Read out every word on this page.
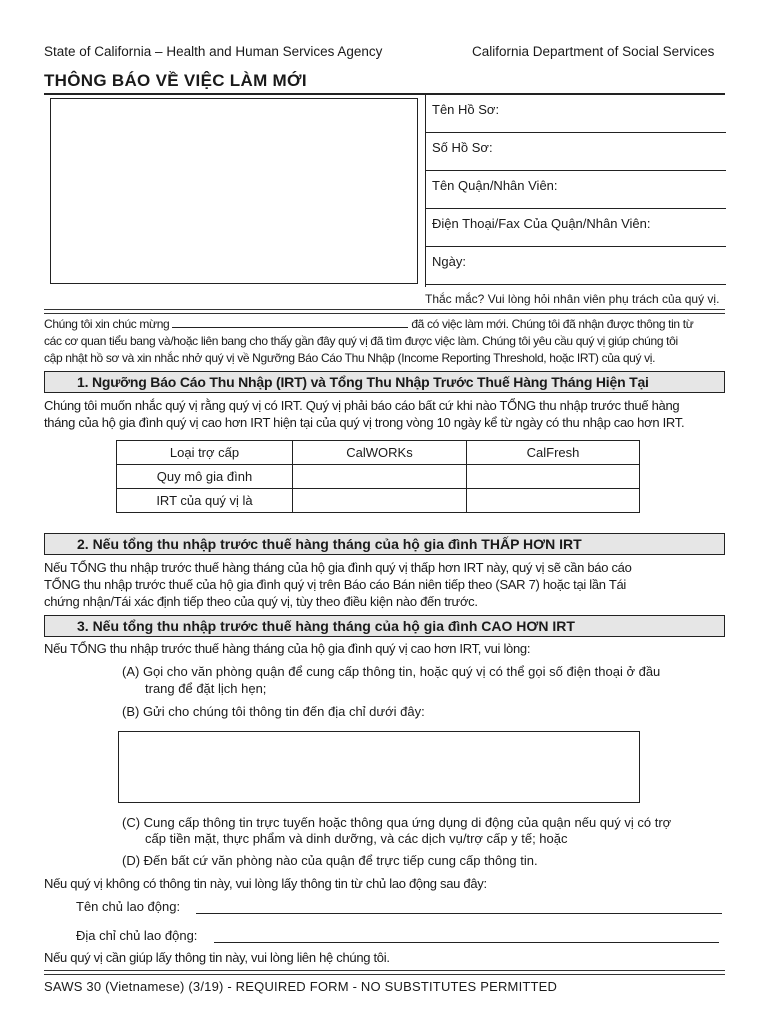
State of California – Health and Human Services Agency	California Department of Social Services
THÔNG BÁO VỀ VIỆC LÀM MỚI
Tên Hồ Sơ:
Số Hồ Sơ:
Tên Quận/Nhân Viên:
Điện Thoại/Fax Của Quận/Nhân Viên:
Ngày:
Thắc mắc? Vui lòng hỏi nhân viên phụ trách của quý vị.
Chúng tôi xin chúc mừng	đã có việc làm mới. Chúng tôi đã nhận được thông tin từ
các cơ quan tiểu bang và/hoặc liên bang cho thấy gần đây quý vị đã tìm được việc làm. Chúng tôi yêu cầu quý vị giúp chúng tôi
cập nhật hồ sơ và xin nhắc nhở quý vị về Ngưỡng Báo Cáo Thu Nhập (Income Reporting Threshold, hoặc IRT) của quý vị.
1. Ngưỡng Báo Cáo Thu Nhập (IRT) và Tổng Thu Nhập Trước Thuế Hàng Tháng Hiện Tại
Chúng tôi muốn nhắc quý vị rằng quý vị có IRT. Quý vị phải báo cáo bất cứ khi nào TỔNG thu nhập trước thuế hàng
tháng của hộ gia đình quý vị cao hơn IRT hiện tại của quý vị trong vòng 10 ngày kể từ ngày có thu nhập cao hơn IRT.
Loại trợ cấp	CalWORKs	CalFresh
Quy mô gia đình		
IRT của quý vị là		
2. Nếu tổng thu nhập trước thuế hàng tháng của hộ gia đình THẤP HƠN IRT
Nếu TỔNG thu nhập trước thuế hàng tháng của hộ gia đình quý vị thấp hơn IRT này, quý vị sẽ cần báo cáo
TỔNG thu nhập trước thuế của hộ gia đình quý vị trên Báo cáo Bán niên tiếp theo (SAR 7) hoặc tại lần Tái
chứng nhận/Tái xác định tiếp theo của quý vị, tùy theo điều kiện nào đến trước.
3. Nếu tổng thu nhập trước thuế hàng tháng của hộ gia đình CAO HƠN IRT
Nếu TỔNG thu nhập trước thuế hàng tháng của hộ gia đình quý vị cao hơn IRT, vui lòng:
(A) Gọi cho văn phòng quận để cung cấp thông tin, hoặc quý vị có thể gọi số điện thoại ở đầu
trang để đặt lịch hẹn;
(B) Gửi cho chúng tôi thông tin đến địa chỉ dưới đây:
(C) Cung cấp thông tin trực tuyến hoặc thông qua ứng dụng di động của quận nếu quý vị có trợ
cấp tiền mặt, thực phẩm và dinh dưỡng, và các dịch vụ/trợ cấp y tế; hoặc
(D) Đến bất cứ văn phòng nào của quận để trực tiếp cung cấp thông tin.
Nếu quý vị không có thông tin này, vui lòng lấy thông tin từ chủ lao động sau đây:
Tên chủ lao động:
Địa chỉ chủ lao động:
Nếu quý vị cần giúp lấy thông tin này, vui lòng liên hệ chúng tôi.
SAWS 30 (Vietnamese) (3/19) - REQUIRED FORM - NO SUBSTITUTES PERMITTED
